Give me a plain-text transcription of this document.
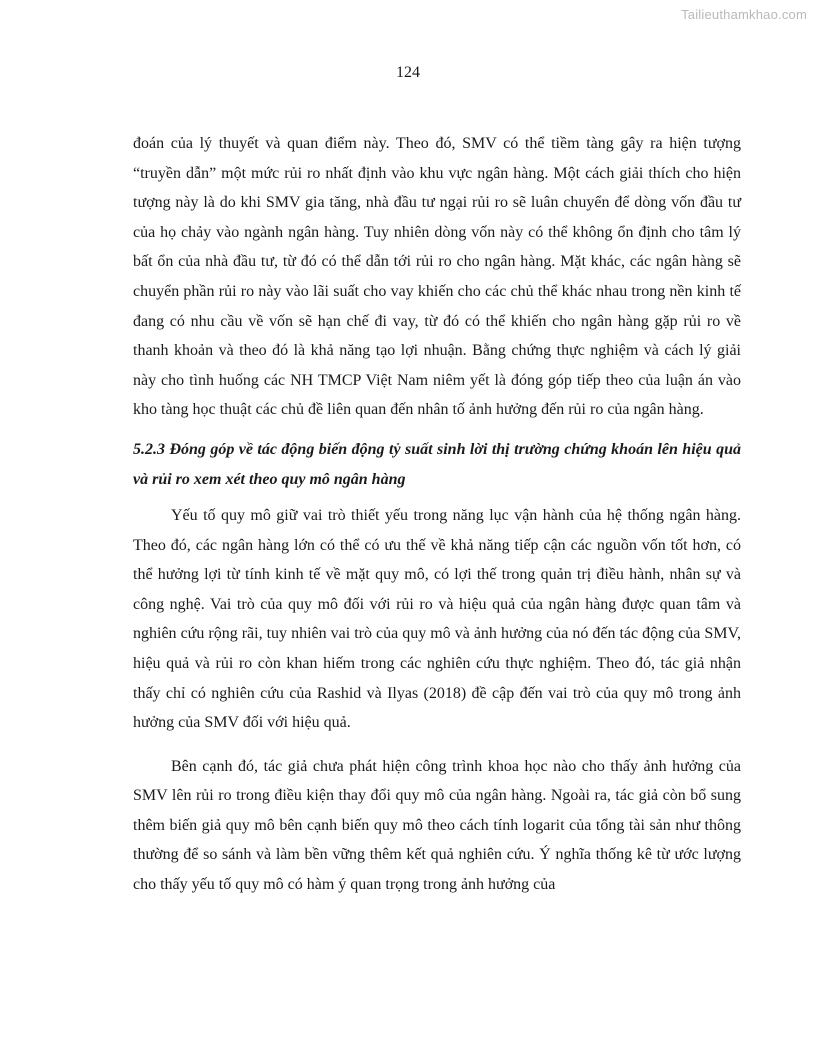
Tailieuthamkhao.com
124

đoán của lý thuyết và quan điểm này. Theo đó, SMV có thể tiềm tàng gây ra hiện tượng “truyền dẫn” một mức rủi ro nhất định vào khu vực ngân hàng. Một cách giải thích cho hiện tượng này là do khi SMV gia tăng, nhà đầu tư ngại rủi ro sẽ luân chuyển để dòng vốn đầu tư của họ chảy vào ngành ngân hàng. Tuy nhiên dòng vốn này có thể không ổn định cho tâm lý bất ổn của nhà đầu tư, từ đó có thể dẫn tới rủi ro cho ngân hàng. Mặt khác, các ngân hàng sẽ chuyển phần rủi ro này vào lãi suất cho vay khiến cho các chủ thể khác nhau trong nền kinh tế đang có nhu cầu về vốn sẽ hạn chế đi vay, từ đó có thể khiến cho ngân hàng gặp rủi ro về thanh khoản và theo đó là khả năng tạo lợi nhuận. Bằng chứng thực nghiệm và cách lý giải này cho tình huống các NH TMCP Việt Nam niêm yết là đóng góp tiếp theo của luận án vào kho tàng học thuật các chủ đề liên quan đến nhân tố ảnh hưởng đến rủi ro của ngân hàng.

5.2.3 Đóng góp về tác động biến động tỷ suất sinh lời thị trường chứng khoán lên hiệu quả và rủi ro xem xét theo quy mô ngân hàng

Yếu tố quy mô giữ vai trò thiết yếu trong năng lục vận hành của hệ thống ngân hàng. Theo đó, các ngân hàng lớn có thể có ưu thế về khả năng tiếp cận các nguồn vốn tốt hơn, có thể hưởng lợi từ tính kinh tế về mặt quy mô, có lợi thế trong quản trị điều hành, nhân sự và công nghệ. Vai trò của quy mô đối với rủi ro và hiệu quả của ngân hàng được quan tâm và nghiên cứu rộng rãi, tuy nhiên vai trò của quy mô và ảnh hưởng của nó đến tác động của SMV, hiệu quả và rủi ro còn khan hiếm trong các nghiên cứu thực nghiệm. Theo đó, tác giả nhận thấy chỉ có nghiên cứu của Rashid và Ilyas (2018) đề cập đến vai trò của quy mô trong ảnh hưởng của SMV đối với hiệu quả.

Bên cạnh đó, tác giả chưa phát hiện công trình khoa học nào cho thấy ảnh hưởng của SMV lên rủi ro trong điều kiện thay đổi quy mô của ngân hàng. Ngoài ra, tác giả còn bổ sung thêm biến giả quy mô bên cạnh biến quy mô theo cách tính logarit của tổng tài sản như thông thường để so sánh và làm bền vững thêm kết quả nghiên cứu. Ý nghĩa thống kê từ ước lượng cho thấy yếu tố quy mô có hàm ý quan trọng trong ảnh hưởng của
